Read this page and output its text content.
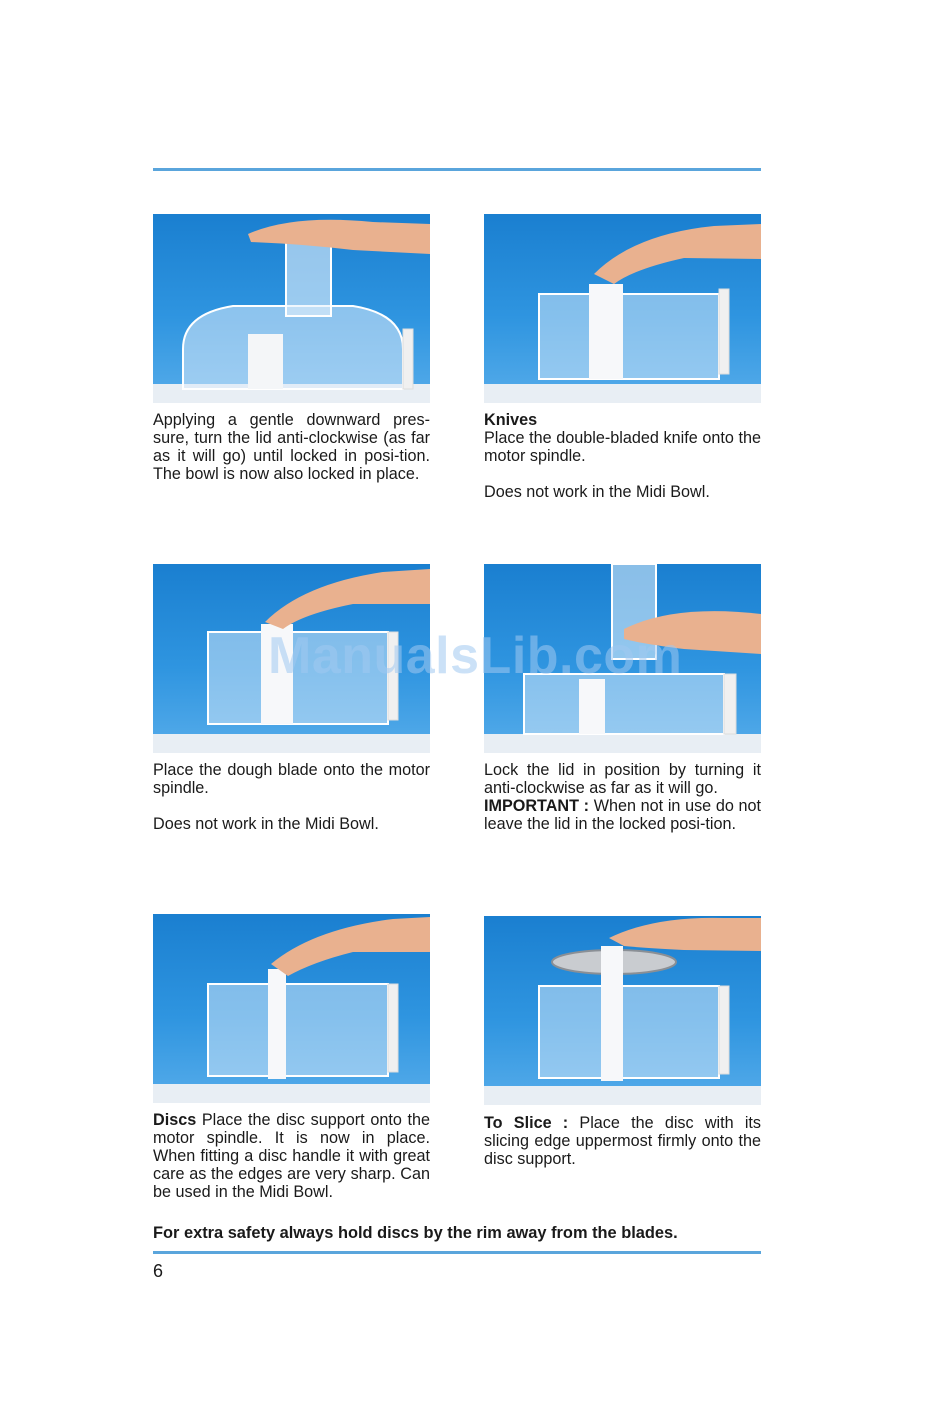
Applying a gentle downward pres-sure, turn the lid anti-clockwise (as far as it will go) until locked in posi-tion. The bowl is now also locked in place.

Knives

Place the double-bladed knife onto the motor spindle.

Does not work in the Midi Bowl.

Place the dough blade onto the motor spindle.

Does not work in the Midi Bowl.

Lock the lid in position by turning it anti-clockwise as far as it will go.

IMPORTANT : When not in use do not leave the lid in the locked posi-tion.

Discs Place the disc support onto the motor spindle. It is now in place. When fitting a disc handle it with great care as the edges are very sharp. Can be used in the Midi Bowl.

To Slice : Place the disc with its slicing edge uppermost firmly onto the disc support.

ManualsLib.com

For extra safety always hold discs by the rim away from the blades.

6
